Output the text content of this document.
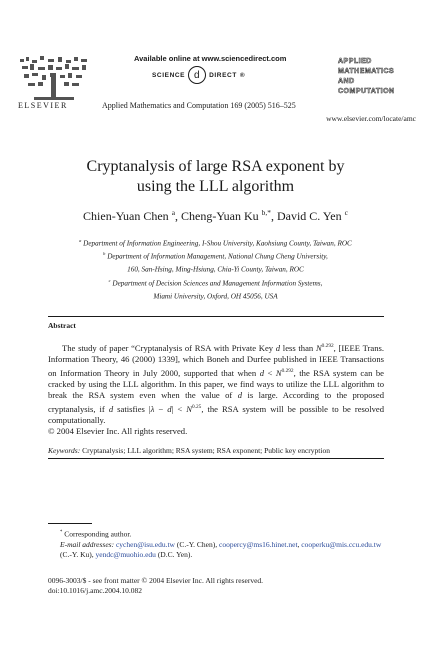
ELSEVIER
Available online at www.sciencedirect.com
SCIENCE d	DIRECT ®
Applied Mathematics and Computation 169 (2005) 516–525
APPLIED
MATHEMATICS
AND
COMPUTATION
www.elsevier.com/locate/amc
Cryptanalysis of large RSA exponent by
using the LLL algorithm
Chien-Yuan Chen $^a$, Cheng-Yuan Ku $^{b,*}$, David C. Yen $^c$
$^a$ Department of Information Engineering, I-Shou University, Kaohsiung County, Taiwan, ROC
$^b$ Department of Information Management, National Chung Cheng University,
160, San-Hsing, Ming-Hsiung, Chia-Yi County, Taiwan, ROC
$^c$ Department of Decision Sciences and Management Information Systems,
Miami University, Oxford, OH 45056, USA
Abstract

The study of paper “Cryptanalysis of RSA with Private Key d less than $N^{0.292}$, [IEEE Trans. Information Theory, 46 (2000) 1339], which Boneh and Durfee published in IEEE Transactions on Information Theory in July 2000, supported that when $d < N^{0.292}$, the RSA system can be cracked by using the LLL algorithm. In this paper, we find ways to utilize the LLL algorithm to break the RSA system even when the value of d is large. According to the proposed cryptanalysis, if d satisfies $|\lambda - d| < N^{0.25}$, the RSA system will be possible to be resolved computationally.

© 2004 Elsevier Inc. All rights reserved.

Keywords: Cryptanalysis; LLL algorithm; RSA system; RSA exponent; Public key encryption

* Corresponding author.

E-mail addresses: cychen@isu.edu.tw (C.-Y. Chen), coopercy@ms16.hinet.net, cooperku@mis.ccu.edu.tw (C.-Y. Ku), yendc@muohio.edu (D.C. Yen).

0096-3003/$ - see front matter © 2004 Elsevier Inc. All rights reserved.
doi:10.1016/j.amc.2004.10.082
